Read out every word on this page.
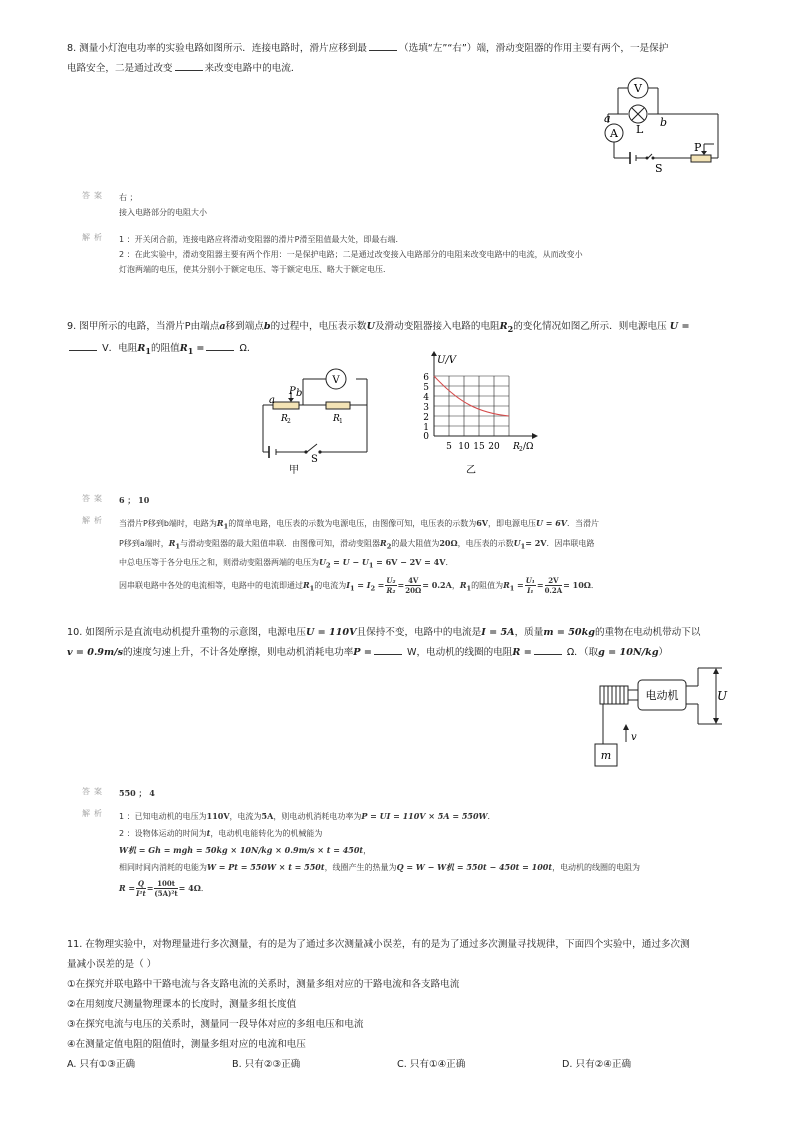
8. 测量小灯泡电功率的实验电路如图所示．连接电路时，滑片应移到最	（选填“左”“右”）端，滑动变阻器的作用主要有两个，一是保护
电路安全，二是通过改变	来改变电路中的电流．
V
A L
a	b
P
S
答案 右 ；
接入电路部分的电阻大小
解析 1 ：开关闭合前，连接电路应将滑动变阻器的滑片P滑至阻值最大处，即最右端．
2 ：在此实验中，滑动变阻器主要有两个作用：一是保护电路；二是通过改变接入电路部分的电阻来改变电路中的电流，从而改变小
灯泡两端的电压，使其分别小于额定电压、等于额定电压、略大于额定电压．
9. 图甲所示的电路，当滑片P由端点a移到端点b的过程中，电压表示数U及滑动变阻器接入电路的电阻$R_2$的变化情况如图乙所示．则电源电压 U =
V．电阻$R_1$的阻值$R_1$ =	Ω．
P b
a
R 2	R 1
V
S
甲
U/V
0
1
2
3
4
5
6
5 10 15 20 R 2 /Ω
乙
答案 6 ； 10
解析 当滑片P移到b端时，电路为$R_1$的简单电路，电压表的示数为电源电压，由图像可知，电压表的示数为6V，即电源电压U = 6V．当滑片
P移到a端时，$R_1$与滑动变阻器的最大阻值串联．由图像可知，滑动变阻器$R_2$的最大阻值为20Ω，电压表的示数$U_1= 2V$．因串联电路
中总电压等于各分电压之和，则滑动变阻器两端的电压为$U_2 = U - U_1 = 6V - 2V = 4V$．
因串联电路中各处的电流相等，电路中的电流即通过$R_1$的电流为$I_1 = I_2 = \frac{\text{U₂}}{\text{R₂}} = \frac{4V}{20\Omega} = 0.2A$，$R_1$的阻值为$R_1 = \frac{\text{U₁}}{\text{I₁}} = \frac{2V}{0.2A} = 10\Omega$．
10. 如图所示是直流电动机提升重物的示意图，电源电压U = 110V且保持不变，电路中的电流是I = 5A，质量m = 50kg的重物在电动机带动下以
v = 0.9m/s的速度匀速上升，不计各处摩擦，则电动机消耗电功率P =	W，电动机的线圈的电阻R =	Ω．（取g = 10N/kg）
电动机	U
v
m
答案 550 ； 4
解析 1 ：已知电动机的电压为110V，电流为5A，则电动机消耗电功率为P = UI = 110V × 5A = 550W．
2 ：设物体运动的时间为t，电动机电能转化为的机械能为
W机 = Gh = mgh = 50kg × 10N/kg × 0.9m/s × t = 450t，
相同时间内消耗的电能为W = Pt = 550W × t = 550t，线圈产生的热量为Q = W − W机 = 550t − 450t = 100t，电动机的线圈的电阻为
$R = \frac{Q}{\text{I²t}} = \frac{100t}{\text{(5A)²t}} = 4\Omega$．
11. 在物理实验中，对物理量进行多次测量，有的是为了通过多次测量减小误差，有的是为了通过多次测量寻找规律，下面四个实验中，通过多次测
量减小误差的是（ ）
①在探究并联电路中干路电流与各支路电流的关系时，测量多组对应的干路电流和各支路电流
②在用刻度尺测量物理课本的长度时，测量多组长度值
③在探究电流与电压的关系时，测量同一段导体对应的多组电压和电流
④在测量定值电阻的阻值时，测量多组对应的电流和电压
A. 只有①③正确	B. 只有②③正确	C. 只有①④正确	D. 只有②④正确
